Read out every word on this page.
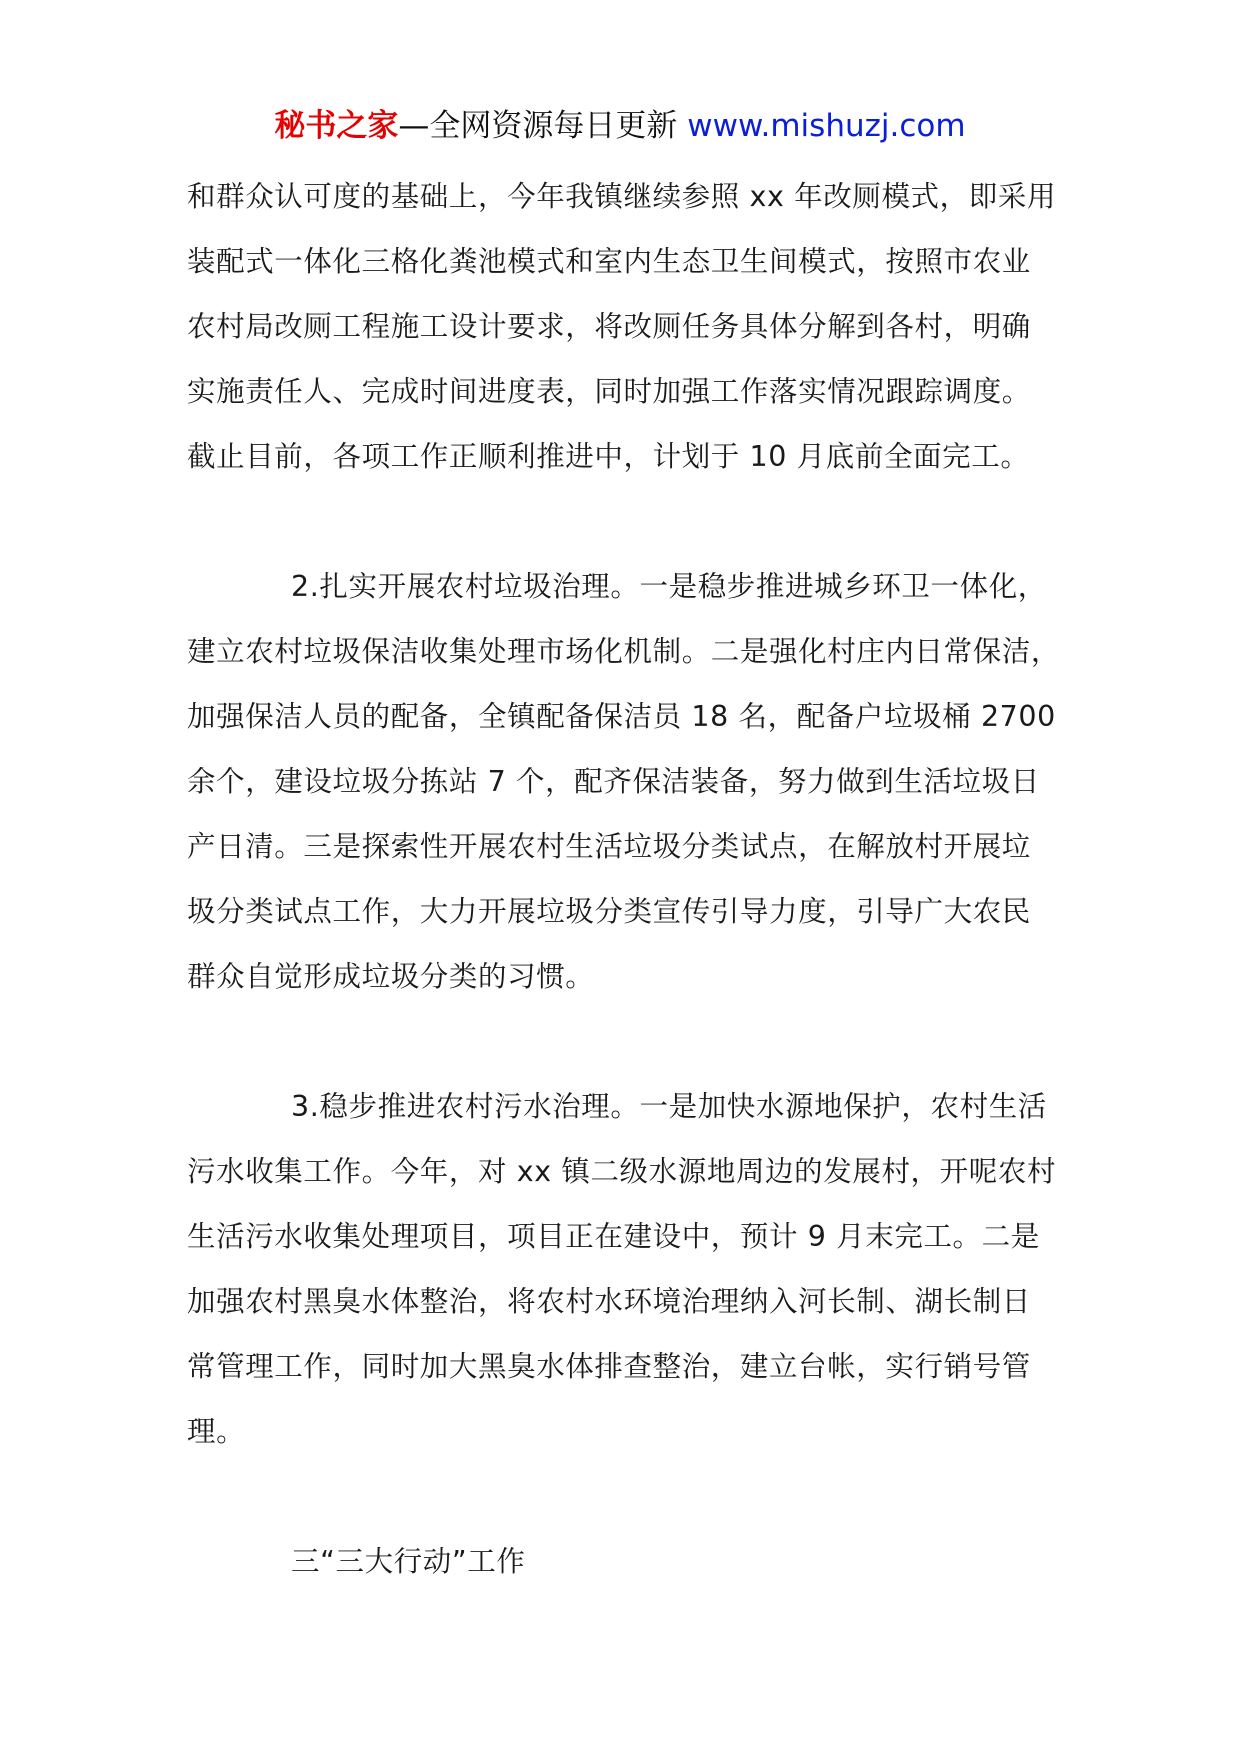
秘书之家—全网资源每日更新 www.mishuzj.com
和群众认可度的基础上，今年我镇继续参照 xx 年改厕模式，即采用
装配式一体化三格化粪池模式和室内生态卫生间模式，按照市农业
农村局改厕工程施工设计要求，将改厕任务具体分解到各村，明确
实施责任人、完成时间进度表，同时加强工作落实情况跟踪调度。
截止目前，各项工作正顺利推进中，计划于 10 月底前全面完工。
2.扎实开展农村垃圾治理。一是稳步推进城乡环卫一体化，
建立农村垃圾保洁收集处理市场化机制。二是强化村庄内日常保洁，
加强保洁人员的配备，全镇配备保洁员 18 名，配备户垃圾桶 2700
余个，建设垃圾分拣站 7 个，配齐保洁装备，努力做到生活垃圾日
产日清。三是探索性开展农村生活垃圾分类试点，在解放村开展垃
圾分类试点工作，大力开展垃圾分类宣传引导力度，引导广大农民
群众自觉形成垃圾分类的习惯。
3.稳步推进农村污水治理。一是加快水源地保护，农村生活
污水收集工作。今年，对 xx 镇二级水源地周边的发展村，开呢农村
生活污水收集处理项目，项目正在建设中，预计 9 月末完工。二是
加强农村黑臭水体整治，将农村水环境治理纳入河长制、湖长制日
常管理工作，同时加大黑臭水体排查整治，建立台帐，实行销号管
理。
三“三大行动”工作
